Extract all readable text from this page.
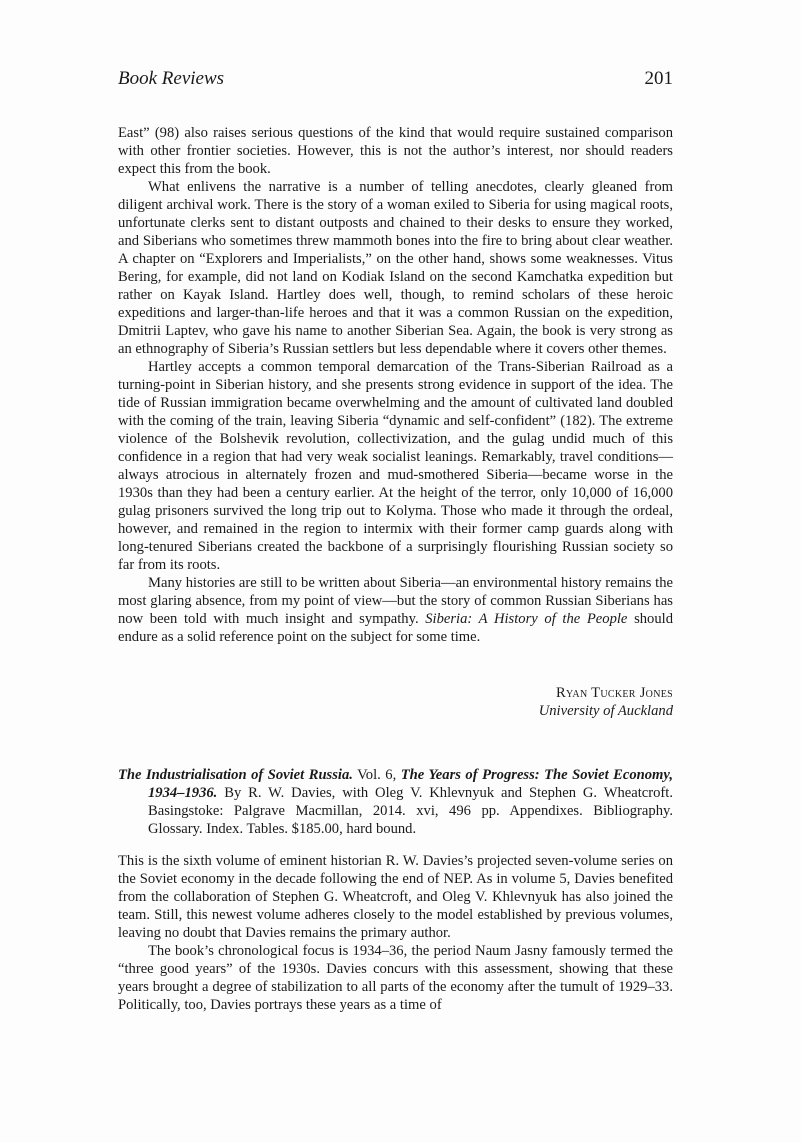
Book Reviews	201

East” (98) also raises serious questions of the kind that would require sustained comparison with other frontier societies. However, this is not the author’s interest, nor should readers expect this from the book.

What enlivens the narrative is a number of telling anecdotes, clearly gleaned from diligent archival work. There is the story of a woman exiled to Siberia for using magical roots, unfortunate clerks sent to distant outposts and chained to their desks to ensure they worked, and Siberians who sometimes threw mammoth bones into the fire to bring about clear weather. A chapter on “Explorers and Imperialists,” on the other hand, shows some weaknesses. Vitus Bering, for example, did not land on Kodiak Island on the second Kamchatka expedition but rather on Kayak Island. Hartley does well, though, to remind scholars of these heroic expeditions and larger-than-life heroes and that it was a common Russian on the expedition, Dmitrii Laptev, who gave his name to another Siberian Sea. Again, the book is very strong as an ethnography of Siberia’s Russian settlers but less dependable where it covers other themes.

Hartley accepts a common temporal demarcation of the Trans-Siberian Railroad as a turning-point in Siberian history, and she presents strong evidence in support of the idea. The tide of Russian immigration became overwhelming and the amount of cultivated land doubled with the coming of the train, leaving Siberia “dynamic and self-confident” (182). The extreme violence of the Bolshevik revolution, collectivization, and the gulag undid much of this confidence in a region that had very weak socialist leanings. Remarkably, travel conditions—always atrocious in alternately frozen and mud-smothered Siberia—became worse in the 1930s than they had been a century earlier. At the height of the terror, only 10,000 of 16,000 gulag prisoners survived the long trip out to Kolyma. Those who made it through the ordeal, however, and remained in the region to intermix with their former camp guards along with long-tenured Siberians created the backbone of a surprisingly flourishing Russian society so far from its roots.

Many histories are still to be written about Siberia—an environmental history remains the most glaring absence, from my point of view—but the story of common Russian Siberians has now been told with much insight and sympathy. Siberia: A History of the People should endure as a solid reference point on the subject for some time.

Ryan Tucker Jones
University of Auckland
The Industrialisation of Soviet Russia. Vol. 6, The Years of Progress: The Soviet Economy, 1934–1936. By R. W. Davies, with Oleg V. Khlevnyuk and Stephen G. Wheatcroft. Basingstoke: Palgrave Macmillan, 2014. xvi, 496 pp. Appendixes. Bibliography. Glossary. Index. Tables. $185.00, hard bound.

This is the sixth volume of eminent historian R. W. Davies’s projected seven-volume series on the Soviet economy in the decade following the end of NEP. As in volume 5, Davies benefited from the collaboration of Stephen G. Wheatcroft, and Oleg V. Khlevnyuk has also joined the team. Still, this newest volume adheres closely to the model established by previous volumes, leaving no doubt that Davies remains the primary author.

The book’s chronological focus is 1934–36, the period Naum Jasny famously termed the “three good years” of the 1930s. Davies concurs with this assessment, showing that these years brought a degree of stabilization to all parts of the economy after the tumult of 1929–33. Politically, too, Davies portrays these years as a time of
